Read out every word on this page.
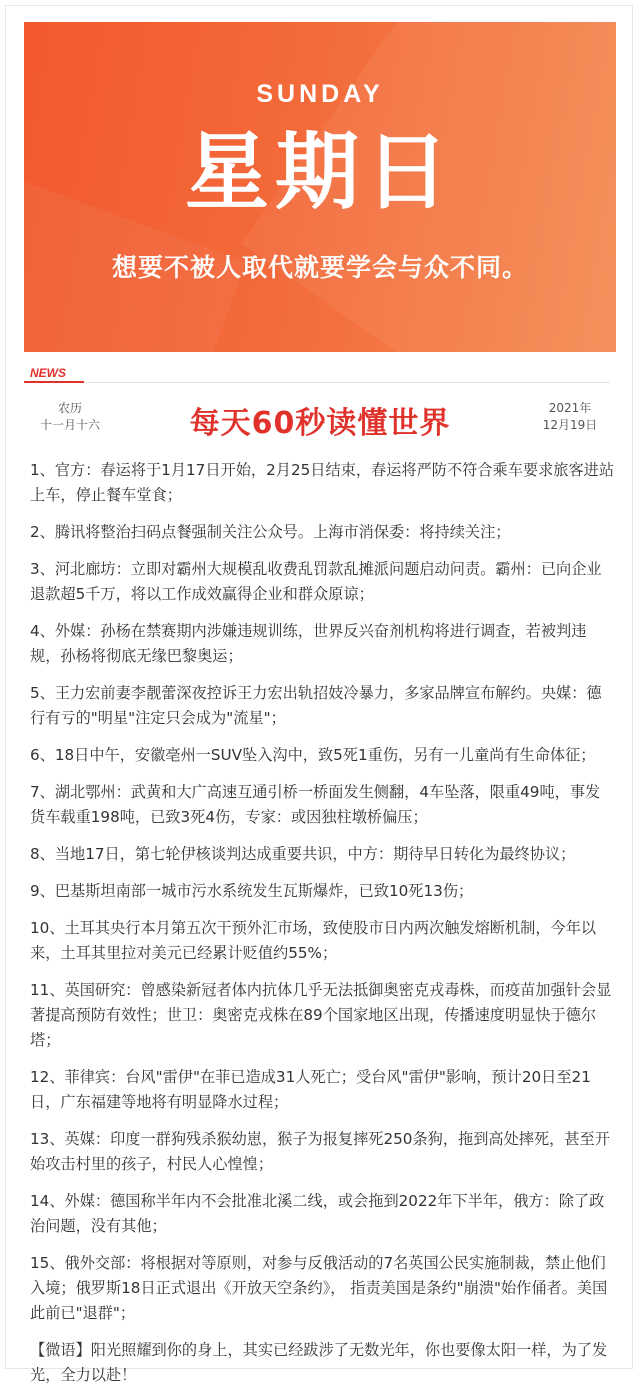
SUNDAY
星期日
想要不被人取代就要学会与众不同。
NEWS
农历
十一月十六	每天60秒读懂世界	2021年
12月19日

1、官方：春运将于1月17日开始，2月25日结束，春运将严防不符合乘车要求旅客进站上车，停止餐车堂食；

2、腾讯将整治扫码点餐强制关注公众号。上海市消保委：将持续关注；

3、河北廊坊：立即对霸州大规模乱收费乱罚款乱摊派问题启动问责。霸州：已向企业退款超5千万，将以工作成效赢得企业和群众原谅；

4、外媒：孙杨在禁赛期内涉嫌违规训练，世界反兴奋剂机构将进行调查，若被判违规，孙杨将彻底无缘巴黎奥运；

5、王力宏前妻李靓蕾深夜控诉王力宏出轨招妓冷暴力，多家品牌宣布解约。央媒：德行有亏的"明星"注定只会成为"流星"；

6、18日中午，安徽亳州一SUV坠入沟中，致5死1重伤，另有一儿童尚有生命体征；

7、湖北鄂州：武黄和大广高速互通引桥一桥面发生侧翻，4车坠落，限重49吨，事发货车载重198吨，已致3死4伤，专家：或因独柱墩桥偏压；

8、当地17日，第七轮伊核谈判达成重要共识，中方：期待早日转化为最终协议；

9、巴基斯坦南部一城市污水系统发生瓦斯爆炸，已致10死13伤；

10、土耳其央行本月第五次干预外汇市场，致使股市日内两次触发熔断机制，今年以来，土耳其里拉对美元已经累计贬值约55%；

11、英国研究：曾感染新冠者体内抗体几乎无法抵御奥密克戎毒株，而疫苗加强针会显著提高预防有效性；世卫：奥密克戎株在89个国家地区出现，传播速度明显快于德尔塔；

12、菲律宾：台风"雷伊"在菲已造成31人死亡；受台风"雷伊"影响，预计20日至21日，广东福建等地将有明显降水过程；

13、英媒：印度一群狗残杀猴幼崽，猴子为报复摔死250条狗，拖到高处摔死，甚至开始攻击村里的孩子，村民人心惶惶；

14、外媒：德国称半年内不会批准北溪二线，或会拖到2022年下半年，俄方：除了政治问题，没有其他；

15、俄外交部：将根据对等原则，对参与反俄活动的7名英国公民实施制裁，禁止他们入境；俄罗斯18日正式退出《开放天空条约》， 指责美国是条约"崩溃"始作俑者。美国此前已"退群"；

【微语】阳光照耀到你的身上，其实已经跋涉了无数光年，你也要像太阳一样，为了发光，全力以赴！
